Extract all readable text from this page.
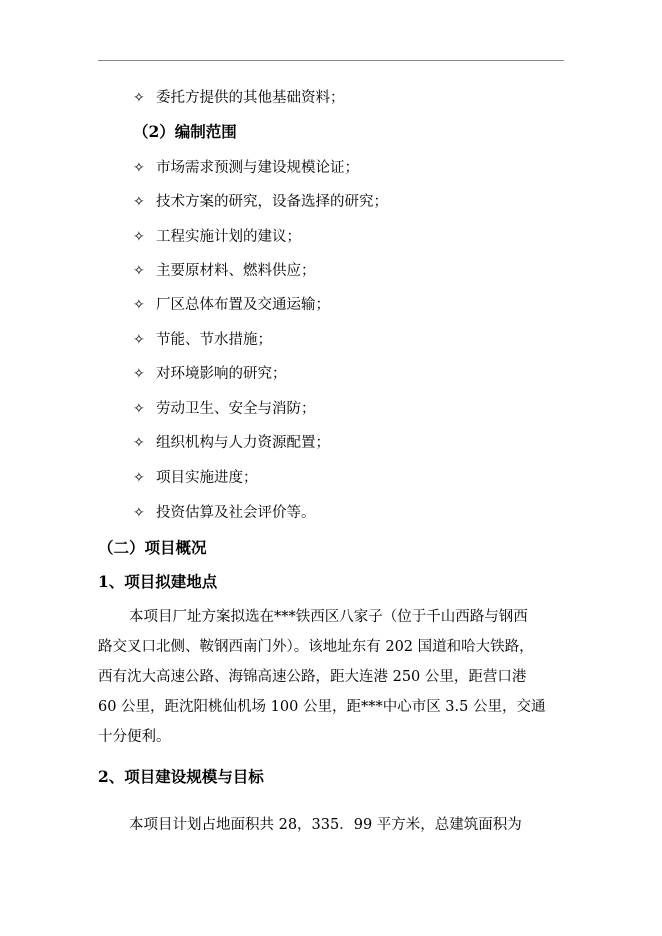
✧ 委托方提供的其他基础资料；
（2）编制范围
✧ 市场需求预测与建设规模论证；
✧ 技术方案的研究，设备选择的研究；
✧ 工程实施计划的建议；
✧ 主要原材料、燃料供应；
✧ 厂区总体布置及交通运输；
✧ 节能、节水措施；
✧ 对环境影响的研究；
✧ 劳动卫生、安全与消防；
✧ 组织机构与人力资源配置；
✧ 项目实施进度；
✧ 投资估算及社会评价等。
（二）项目概况
1、项目拟建地点
本项目厂址方案拟选在***铁西区八家子（位于千山西路与钢西
路交叉口北侧、鞍钢西南门外）。该地址东有 202 国道和哈大铁路，
西有沈大高速公路、海锦高速公路，距大连港 250 公里，距营口港
60 公里，距沈阳桃仙机场 100 公里，距***中心市区 3.5 公里，交通
十分便利。
2、项目建设规模与目标
本项目计划占地面积共 28，335．99 平方米，总建筑面积为
